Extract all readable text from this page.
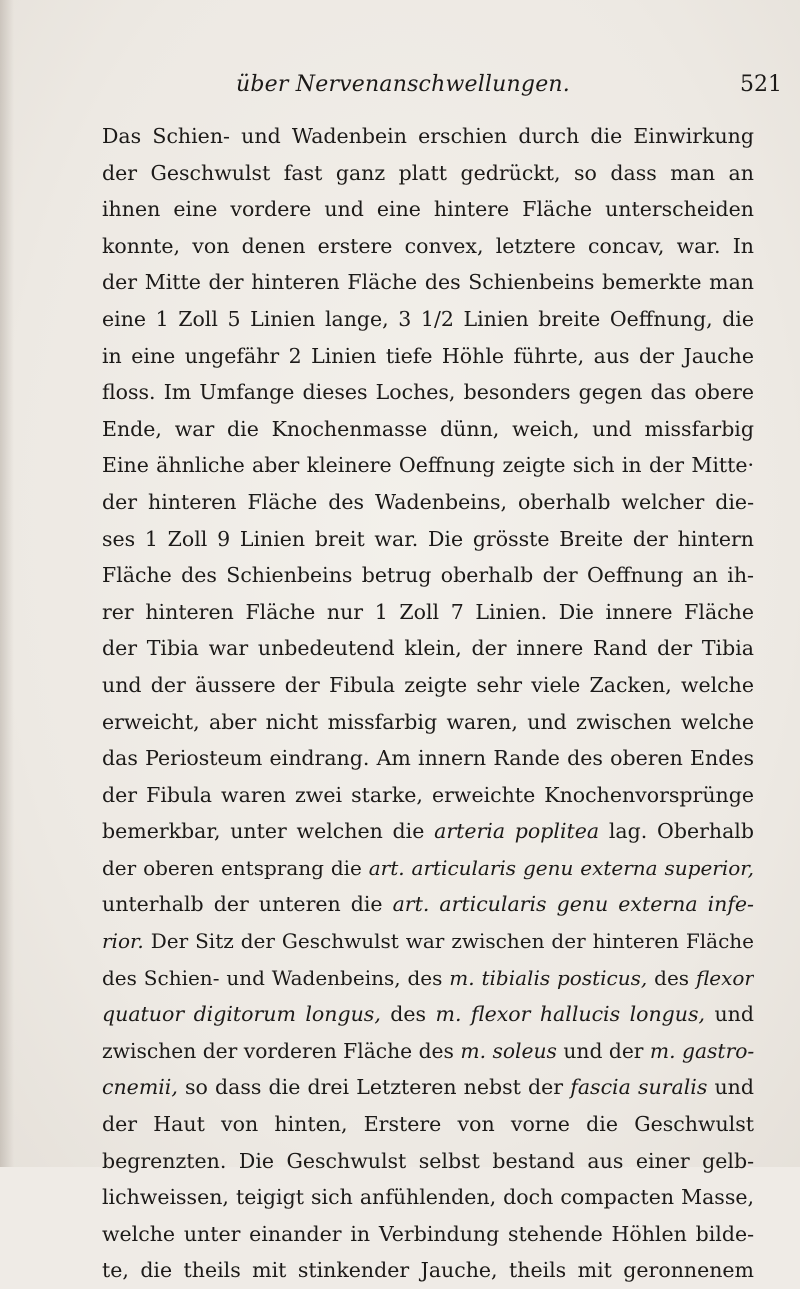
über Nervenanschwellungen.	521
Das Schien- und Wadenbein erschien durch die Einwirkung
der Geschwulst fast ganz platt gedrückt, so dass man an
ihnen eine vordere und eine hintere Fläche unterscheiden
konnte, von denen erstere convex, letztere concav, war. In
der Mitte der hinteren Fläche des Schienbeins bemerkte man
eine 1 Zoll 5 Linien lange, 3 1/2 Linien breite Oeffnung, die
in eine ungefähr 2 Linien tiefe Höhle führte, aus der Jauche
floss. Im Umfange dieses Loches, besonders gegen das obere
Ende, war die Knochenmasse dünn, weich, und missfarbig
Eine ähnliche aber kleinere Oeffnung zeigte sich in der Mitte·
der hinteren Fläche des Wadenbeins, oberhalb welcher die-
ses 1 Zoll 9 Linien breit war. Die grösste Breite der hintern
Fläche des Schienbeins betrug oberhalb der Oeffnung an ih-
rer hinteren Fläche nur 1 Zoll 7 Linien. Die innere Fläche
der Tibia war unbedeutend klein, der innere Rand der Tibia
und der äussere der Fibula zeigte sehr viele Zacken, welche
erweicht, aber nicht missfarbig waren, und zwischen welche
das Periosteum eindrang. Am innern Rande des oberen Endes
der Fibula waren zwei starke, erweichte Knochenvorsprünge
bemerkbar, unter welchen die arteria poplitea lag. Oberhalb
der oberen entsprang die art. articularis genu externa superior,
unterhalb der unteren die art. articularis genu externa infe-
rior. Der Sitz der Geschwulst war zwischen der hinteren Fläche
des Schien- und Wadenbeins, des m. tibialis posticus, des flexor
quatuor digitorum longus, des m. flexor hallucis longus, und
zwischen der vorderen Fläche des m. soleus und der m. gastro-
cnemii, so dass die drei Letzteren nebst der fascia suralis und
der Haut von hinten, Erstere von vorne die Geschwulst
begrenzten. Die Geschwulst selbst bestand aus einer gelb-
lichweissen, teigigt sich anfühlenden, doch compacten Masse,
welche unter einander in Verbindung stehende Höhlen bilde-
te, die theils mit stinkender Jauche, theils mit geronnenem
